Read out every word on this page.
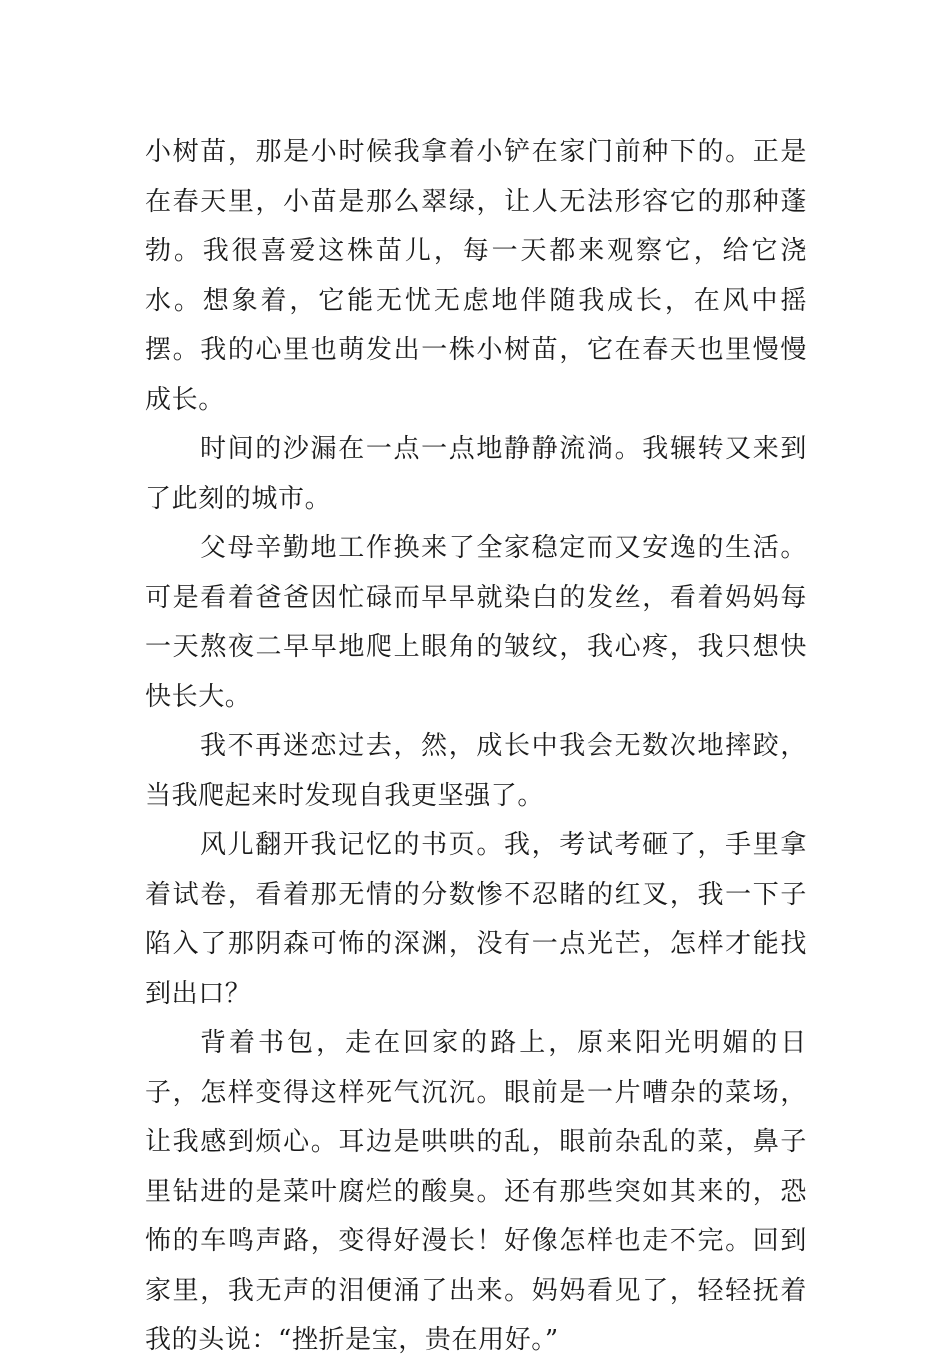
小树苗，那是小时候我拿着小铲在家门前种下的。正是在春天里，小苗是那么翠绿，让人无法形容它的那种蓬勃。我很喜爱这株苗儿，每一天都来观察它，给它浇水。想象着，它能无忧无虑地伴随我成长，在风中摇摆。我的心里也萌发出一株小树苗，它在春天也里慢慢成长。

时间的沙漏在一点一点地静静流淌。我辗转又来到了此刻的城市。

父母辛勤地工作换来了全家稳定而又安逸的生活。可是看着爸爸因忙碌而早早就染白的发丝，看着妈妈每一天熬夜二早早地爬上眼角的皱纹，我心疼，我只想快快长大。

我不再迷恋过去，然，成长中我会无数次地摔跤，当我爬起来时发现自我更坚强了。

风儿翻开我记忆的书页。我，考试考砸了，手里拿着试卷，看着那无情的分数惨不忍睹的红叉，我一下子陷入了那阴森可怖的深渊，没有一点光芒，怎样才能找到出口？

背着书包，走在回家的路上，原来阳光明媚的日子，怎样变得这样死气沉沉。眼前是一片嘈杂的菜场，让我感到烦心。耳边是哄哄的乱，眼前杂乱的菜，鼻子里钻进的是菜叶腐烂的酸臭。还有那些突如其来的，恐怖的车鸣声路，变得好漫长！好像怎样也走不完。回到家里，我无声的泪便涌了出来。妈妈看见了，轻轻抚着我的头说：“挫折是宝，贵在用好。”
